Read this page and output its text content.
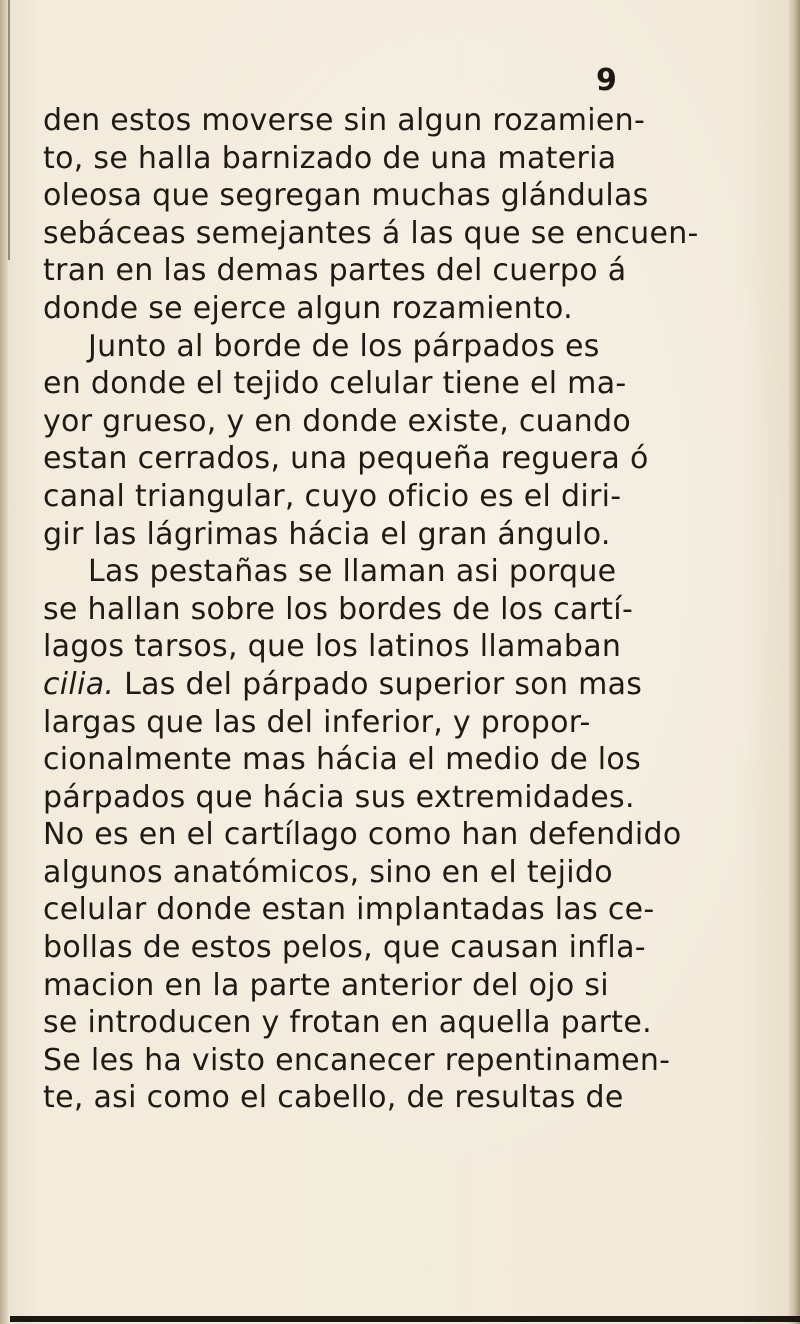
9
den estos moverse sin algun rozamien-
to, se halla barnizado de una materia
oleosa que segregan muchas glándulas
sebáceas semejantes á las que se encuen-
tran en las demas partes del cuerpo á
donde se ejerce algun rozamiento.
Junto al borde de los párpados es
en donde el tejido celular tiene el ma-
yor grueso, y en donde existe, cuando
estan cerrados, una pequeña reguera ó
canal triangular, cuyo oficio es el diri-
gir las lágrimas hácia el gran ángulo.
Las pestañas se llaman asi porque
se hallan sobre los bordes de los cartí-
lagos tarsos, que los latinos llamaban
cilia. Las del párpado superior son mas
largas que las del inferior, y propor-
cionalmente mas hácia el medio de los
párpados que hácia sus extremidades.
No es en el cartílago como han defendido
algunos anatómicos, sino en el tejido
celular donde estan implantadas las ce-
bollas de estos pelos, que causan infla-
macion en la parte anterior del ojo si
se introducen y frotan en aquella parte.
Se les ha visto encanecer repentinamen-
te, asi como el cabello, de resultas de
